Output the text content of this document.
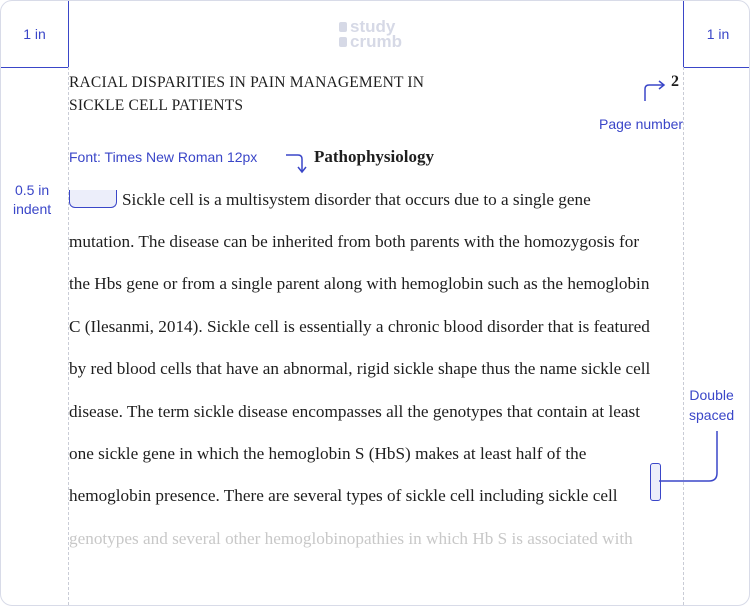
1 in	1 in
study
crumb
RACIAL DISPARITIES IN PAIN MANAGEMENT IN
SICKLE CELL PATIENTS
2
Page number
Font: Times New Roman 12px	Pathophysiology
0.5 in
indent	Sickle cell is a multisystem disorder that occurs due to a single gene
mutation. The disease can be inherited from both parents with the homozygosis for
the Hbs gene or from a single parent along with hemoglobin such as the hemoglobin
C (Ilesanmi, 2014). Sickle cell is essentially a chronic blood disorder that is featured
by red blood cells that have an abnormal, rigid sickle shape thus the name sickle cell
disease. The term sickle disease encompasses all the genotypes that contain at least
one sickle gene in which the hemoglobin S (HbS) makes at least half of the
hemoglobin presence. There are several types of sickle cell including sickle cell
genotypes and several other hemoglobinopathies in which Hb S is associated with
Double
spaced
